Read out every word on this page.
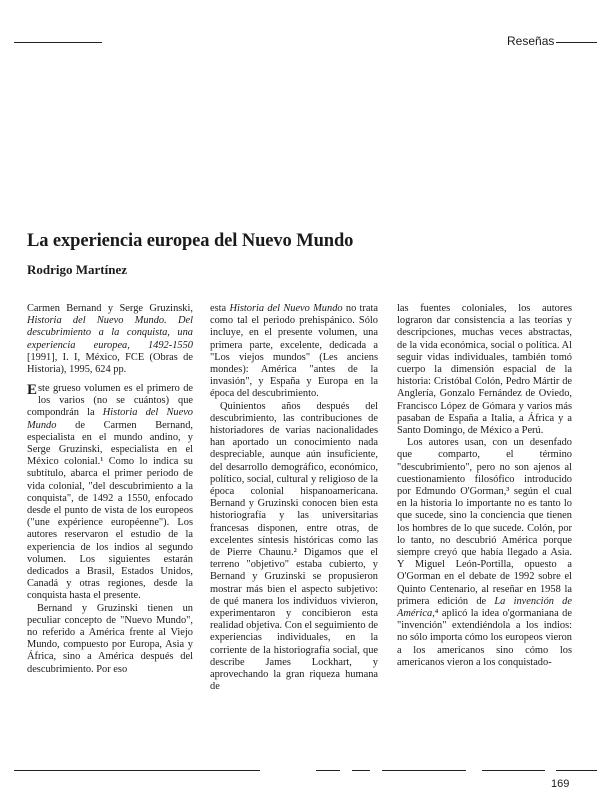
Reseñas
La experiencia europea del Nuevo Mundo
Rodrigo Martínez

Carmen Bernand y Serge Gruzinski, Historia del Nuevo Mundo. Del descubrimiento a la conquista, una experiencia europea, 1492-1550 [1991], I. I, México, FCE (Obras de Historia), 1995, 624 pp.

E ste grueso volumen es el primero de los varios (no se cuántos) que compondrán la Historia del Nuevo Mundo de Carmen Bernand, especialista en el mundo andino, y Serge Gruzinski, especialista en el México colonial.¹ Como lo indica su subtítulo, abarca el primer periodo de vida colonial, "del descubrimiento a la conquista", de 1492 a 1550, enfocado desde el punto de vista de los europeos ("une expérience européenne"). Los autores reservaron el estudio de la experiencia de los indios al segundo volumen. Los siguientes estarán dedicados a Brasil, Estados Unidos, Canadá y otras regiones, desde la conquista hasta el presente.

Bernand y Gruzinski tienen un peculiar concepto de "Nuevo Mundo", no referido a América frente al Viejo Mundo, compuesto por Europa, Asia y África, sino a América después del descubrimiento. Por eso

esta Historia del Nuevo Mundo no trata como tal el periodo prehispánico. Sólo incluye, en el presente volumen, una primera parte, excelente, dedicada a "Los viejos mundos" (Les anciens mondes): América "antes de la invasión", y España y Europa en la época del descubrimiento.

Quinientos años después del descubrimiento, las contribuciones de historiadores de varias nacionalidades han aportado un conocimiento nada despreciable, aunque aún insuficiente, del desarrollo demográfico, económico, político, social, cultural y religioso de la época colonial hispanoamericana. Bernand y Gruzinski conocen bien esta historiografía y las universitarias francesas disponen, entre otras, de excelentes síntesis históricas como las de Pierre Chaunu.² Digamos que el terreno "objetivo" estaba cubierto, y Bernand y Gruzinski se propusieron mostrar más bien el aspecto subjetivo: de qué manera los individuos vivieron, experimentaron y concibieron esta realidad objetiva. Con el seguimiento de experiencias individuales, en la corriente de la historiografía social, que describe James Lockhart, y aprovechando la gran riqueza humana de

las fuentes coloniales, los autores lograron dar consistencia a las teorías y descripciones, muchas veces abstractas, de la vida económica, social o política. Al seguir vidas individuales, también tomó cuerpo la dimensión espacial de la historia: Cristóbal Colón, Pedro Mártir de Anglería, Gonzalo Fernández de Oviedo, Francisco López de Gómara y varios más pasaban de España a Italia, a África y a Santo Domingo, de México a Perú.

Los autores usan, con un desenfado que comparto, el término "descubrimiento", pero no son ajenos al cuestionamiento filosófico introducido por Edmundo O'Gorman,³ según el cual en la historia lo importante no es tanto lo que sucede, sino la conciencia que tienen los hombres de lo que sucede. Colón, por lo tanto, no descubrió América porque siempre creyó que había llegado a Asia. Y Miguel León-Portilla, opuesto a O'Gorman en el debate de 1992 sobre el Quinto Centenario, al reseñar en 1958 la primera edición de La invención de América,⁴ aplicó la idea o'gormaniana de "invención" extendiéndola a los indios: no sólo importa cómo los europeos vieron a los americanos sino cómo los americanos vieron a los conquistado-

169
